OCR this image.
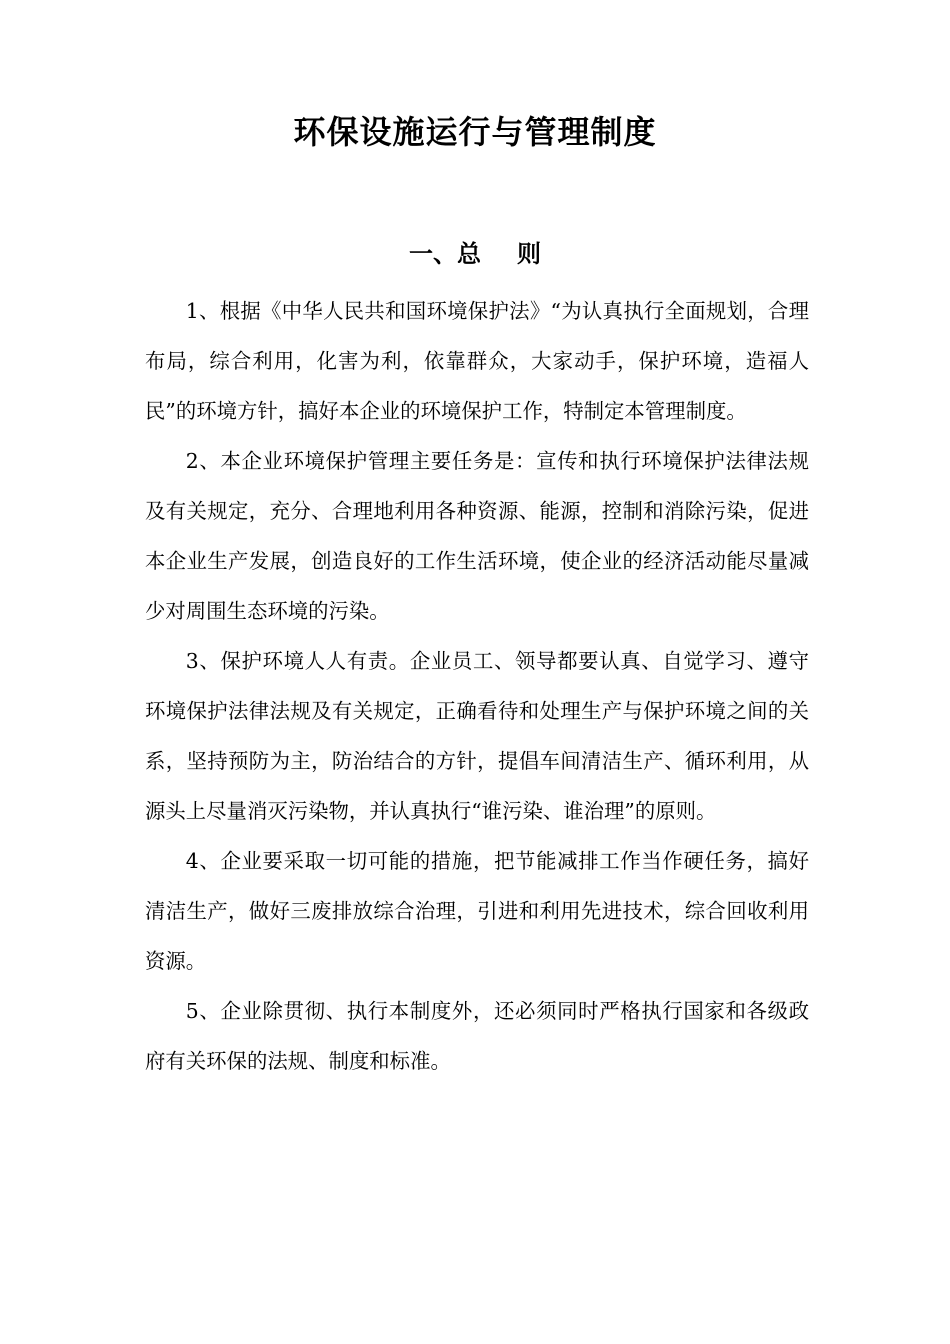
环保设施运行与管理制度
一、总 则

1、根据《中华人民共和国环境保护法》“为认真执行全面规划，合理布局，综合利用，化害为利，依靠群众，大家动手，保护环境，造福人民”的环境方针，搞好本企业的环境保护工作，特制定本管理制度。

2、本企业环境保护管理主要任务是：宣传和执行环境保护法律法规及有关规定，充分、合理地利用各种资源、能源，控制和消除污染，促进本企业生产发展，创造良好的工作生活环境，使企业的经济活动能尽量减少对周围生态环境的污染。

3、保护环境人人有责。企业员工、领导都要认真、自觉学习、遵守环境保护法律法规及有关规定，正确看待和处理生产与保护环境之间的关系，坚持预防为主，防治结合的方针，提倡车间清洁生产、循环利用，从源头上尽量消灭污染物，并认真执行“谁污染、谁治理”的原则。

4、企业要采取一切可能的措施，把节能减排工作当作硬任务，搞好清洁生产，做好三废排放综合治理，引进和利用先进技术，综合回收利用资源。

5、企业除贯彻、执行本制度外，还必须同时严格执行国家和各级政府有关环保的法规、制度和标准。
